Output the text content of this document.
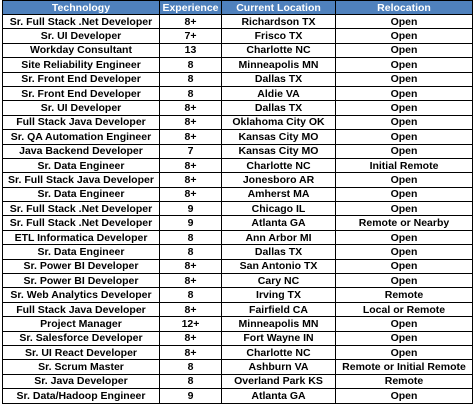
Technology	Experience	Current Location	Relocation
Sr. Full Stack .Net Developer	8+	Richardson TX	Open
Sr. UI Developer	7+	Frisco TX	Open
Workday Consultant	13	Charlotte NC	Open
Site Reliability Engineer	8	Minneapolis MN	Open
Sr. Front End Developer	8	Dallas TX	Open
Sr. Front End Developer	8	Aldie VA	Open
Sr. UI Developer	8+	Dallas TX	Open
Full Stack Java Developer	8+	Oklahoma City OK	Open
Sr. QA Automation Engineer	8+	Kansas City MO	Open
Java Backend Developer	7	Kansas City MO	Open
Sr. Data Engineer	8+	Charlotte NC	Initial Remote
Sr. Full Stack Java Developer	8+	Jonesboro AR	Open
Sr. Data Engineer	8+	Amherst MA	Open
Sr. Full Stack .Net Developer	9	Chicago IL	Open
Sr. Full Stack .Net Developer	9	Atlanta GA	Remote or Nearby
ETL Informatica Developer	8	Ann Arbor MI	Open
Sr. Data Engineer	8	Dallas TX	Open
Sr. Power BI Developer	8+	San Antonio TX	Open
Sr. Power BI Developer	8+	Cary NC	Open
Sr. Web Analytics Developer	8	Irving TX	Remote
Full Stack Java Developer	8+	Fairfield CA	Local or Remote
Project Manager	12+	Minneapolis MN	Open
Sr. Salesforce Developer	8+	Fort Wayne IN	Open
Sr. UI React Developer	8+	Charlotte NC	Open
Sr. Scrum Master	8	Ashburn VA	Remote or Initial Remote
Sr. Java Developer	8	Overland Park KS	Remote
Sr. Data/Hadoop Engineer	9	Atlanta GA	Open
